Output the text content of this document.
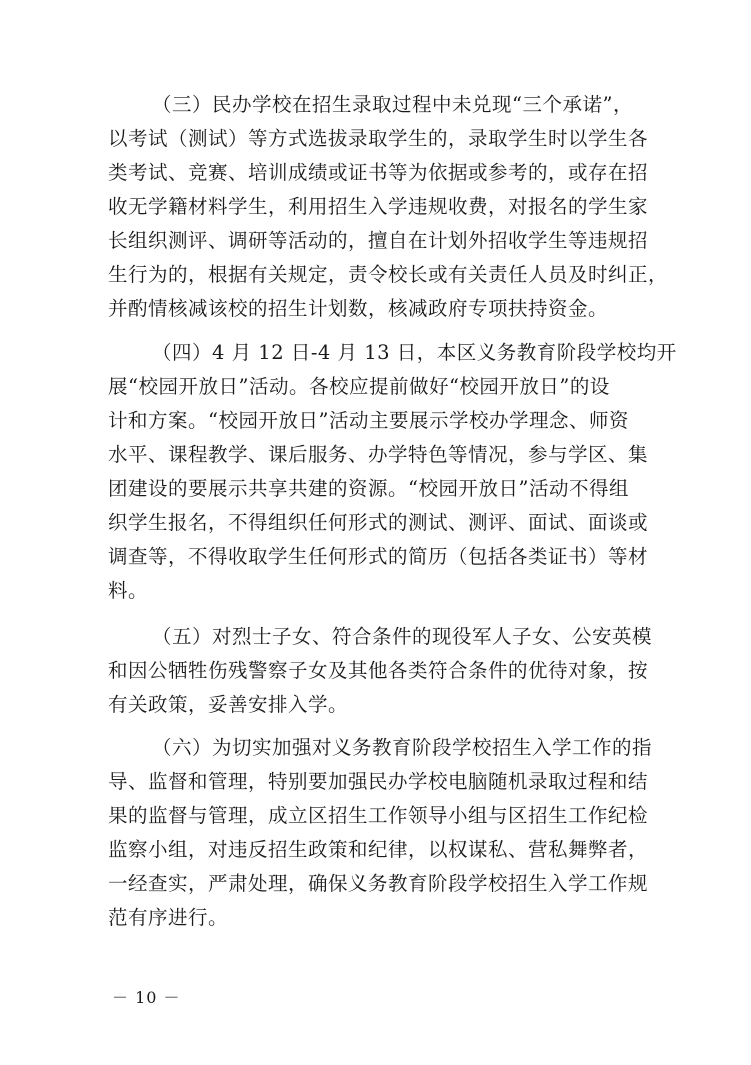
（三）民办学校在招生录取过程中未兑现“三个承诺”，
以考试（测试）等方式选拔录取学生的，录取学生时以学生各
类考试、竞赛、培训成绩或证书等为依据或参考的，或存在招
收无学籍材料学生，利用招生入学违规收费，对报名的学生家
长组织测评、调研等活动的，擅自在计划外招收学生等违规招
生行为的，根据有关规定，责令校长或有关责任人员及时纠正，
并酌情核减该校的招生计划数，核减政府专项扶持资金。
（四）4 月 12 日-4 月 13 日，本区义务教育阶段学校均开
展“校园开放日”活动。各校应提前做好“校园开放日”的设
计和方案。“校园开放日”活动主要展示学校办学理念、师资
水平、课程教学、课后服务、办学特色等情况，参与学区、集
团建设的要展示共享共建的资源。“校园开放日”活动不得组
织学生报名，不得组织任何形式的测试、测评、面试、面谈或
调查等，不得收取学生任何形式的简历（包括各类证书）等材
料。
（五）对烈士子女、符合条件的现役军人子女、公安英模
和因公牺牲伤残警察子女及其他各类符合条件的优待对象，按
有关政策，妥善安排入学。
（六）为切实加强对义务教育阶段学校招生入学工作的指
导、监督和管理，特别要加强民办学校电脑随机录取过程和结
果的监督与管理，成立区招生工作领导小组与区招生工作纪检
监察小组，对违反招生政策和纪律，以权谋私、营私舞弊者，
一经查实，严肃处理，确保义务教育阶段学校招生入学工作规
范有序进行。
－ 10 －
